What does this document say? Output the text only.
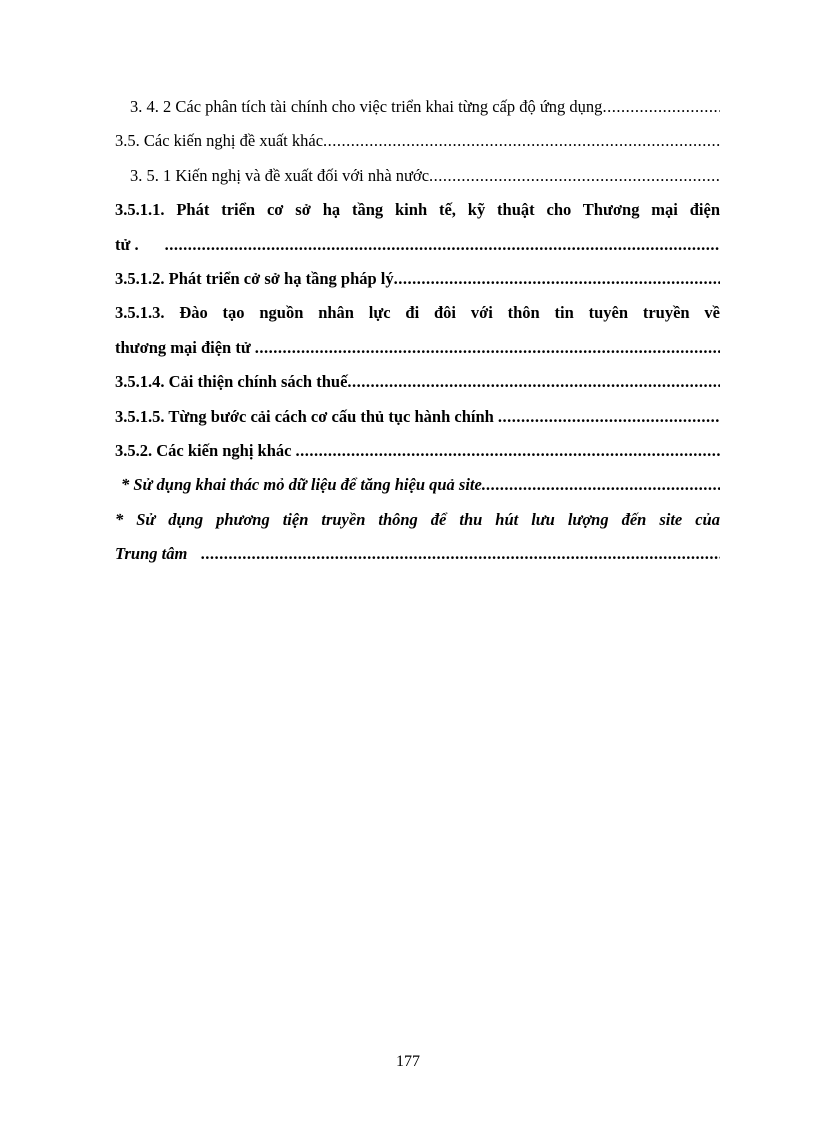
3. 4. 2 Các phân tích tài chính cho việc triển khai từng cấp độ ứng dụng
.....
3.5. Các kiến nghị đề xuất khác
.....
3. 5. 1 Kiến nghị và đề xuất đối với nhà nước
.....
3.5.1.1. Phát triển cơ sở hạ tầng kinh tế, kỹ thuật cho Thương mại điện
tử .
.....
3.5.1.2. Phát triển cở sở hạ tầng pháp lý
.....
3.5.1.3. Đào tạo nguồn nhân lực đi đôi với thôn tin tuyên truyền về
thương mại điện tử
.....
3.5.1.4. Cải thiện chính sách thuế
.....
3.5.1.5. Từng bước cải cách cơ cấu thủ tục hành chính
.....
3.5.2. Các kiến nghị khác
.....
* Sử dụng khai thác mỏ dữ liệu để tăng hiệu quả site
.....
* Sử dụng phương tiện truyền thông để thu hút lưu lượng đến site của
Trung tâm
.....
177
